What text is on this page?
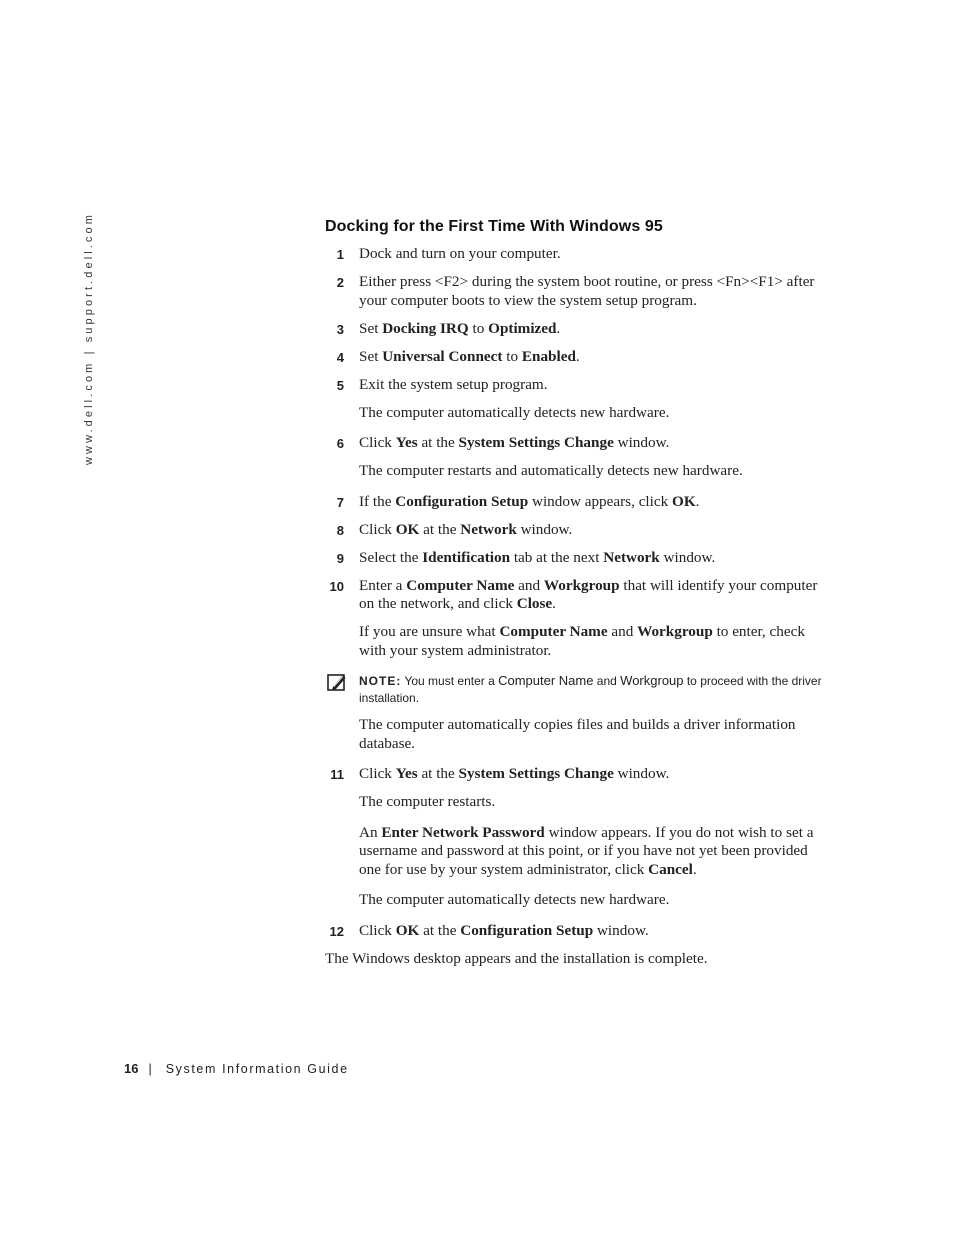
www.dell.com | support.dell.com	Docking for the First Time With Windows 95
1 Dock and turn on your computer.
2 Either press <F2> during the system boot routine, or press <Fn><F1> after your computer boots to view the system setup program.
3 Set Docking IRQ to Optimized.
4 Set Universal Connect to Enabled.
5 Exit the system setup program.
The computer automatically detects new hardware.
6 Click Yes at the System Settings Change window.
The computer restarts and automatically detects new hardware.
7 If the Configuration Setup window appears, click OK.
8 Click OK at the Network window.
9 Select the Identification tab at the next Network window.
10 Enter a Computer Name and Workgroup that will identify your computer on the network, and click Close.
If you are unsure what Computer Name and Workgroup to enter, check with your system administrator.
NOTE: You must enter a Computer Name and Workgroup to proceed with the driver installation.
The computer automatically copies files and builds a driver information database.
11 Click Yes at the System Settings Change window.
The computer restarts.
An Enter Network Password window appears. If you do not wish to set a username and password at this point, or if you have not yet been provided one for use by your system administrator, click Cancel.
The computer automatically detects new hardware.
12 Click OK at the Configuration Setup window.
The Windows desktop appears and the installation is complete.
16 | System Information Guide
